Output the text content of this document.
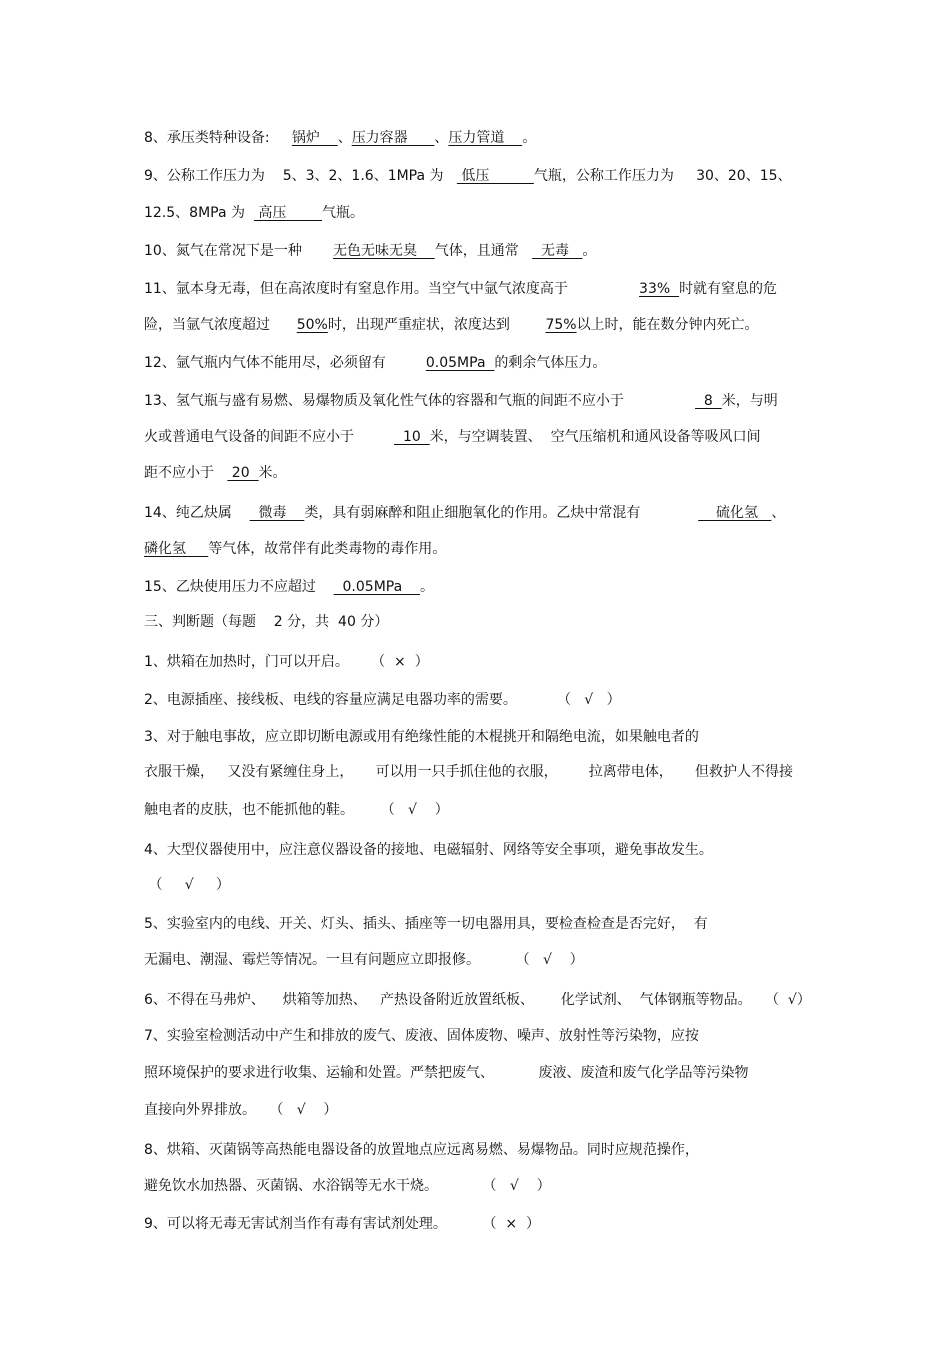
8、承压类特种设备:     锅炉    、压力容器      、压力管道    。
9、公称工作压力为    5、3、2、1.6、1MPa 为    低压          气瓶，公称工作压力为     30、20、15、
12.5、8MPa 为   高压        气瓶。
10、氮气在常况下是一种       无色无味无臭    气体，且通常     无毒   。
11、氩本身无毒，但在高浓度时有窒息作用。当空气中氩气浓度高于                33%  时就有窒息的危
险，当氩气浓度超过      50%时，出现严重症状，浓度达到        75%以上时，能在数分钟内死亡。
12、氩气瓶内气体不能用尽，必须留有         0.05MPa  的剩余气体压力。
13、氢气瓶与盛有易燃、易爆物质及氧化性气体的容器和气瓶的间距不应小于                  8  米，与明
火或普通电气设备的间距不应小于           10  米，与空调装置、  空气压缩机和通风设备等吸风口间
距不应小于    20  米。
14、纯乙炔属      微毒    类，具有弱麻醉和阻止细胞氧化的作用。乙炔中常混有                 硫化氢   、
磷化氢     等气体，故常伴有此类毒物的毒作用。
15、乙炔使用压力不应超过      0.05MPa    。
三、判断题（每题    2 分，共  40 分）
1、烘箱在加热时，门可以开启。     （  ×  ）
2、电源插座、接线板、电线的容量应满足电器功率的需要。         （   √   ）
3、对于触电事故，应立即切断电源或用有绝缘性能的木棍挑开和隔绝电流，如果触电者的
衣服干燥，   又没有紧缠住身上，     可以用一只手抓住他的衣服，       拉离带电体，     但救护人不得接
触电者的皮肤，也不能抓他的鞋。      （   √    ）
4、大型仪器使用中，应注意仪器设备的接地、电磁辐射、网络等安全事项，避免事故发生。
（     √     ）
5、实验室内的电线、开关、灯头、插头、插座等一切电器用具，要检查检查是否完好，  有
无漏电、潮湿、霉烂等情况。一旦有问题应立即报修。        （   √    ）
6、不得在马弗炉、    烘箱等加热、   产热设备附近放置纸板、      化学试剂、  气体钢瓶等物品。   （  √）
7、实验室检测活动中产生和排放的废气、废液、固体废物、噪声、放射性等污染物，应按
照环境保护的要求进行收集、运输和处置。严禁把废气、          废液、废渣和废气化学品等污染物
直接向外界排放。   （   √    ）
8、烘箱、灭菌锅等高热能电器设备的放置地点应远离易燃、易爆物品。同时应规范操作，
避免饮水加热器、灭菌锅、水浴锅等无水干烧。          （   √    ）
9、可以将无毒无害试剂当作有毒有害试剂处理。        （  ×  ）
